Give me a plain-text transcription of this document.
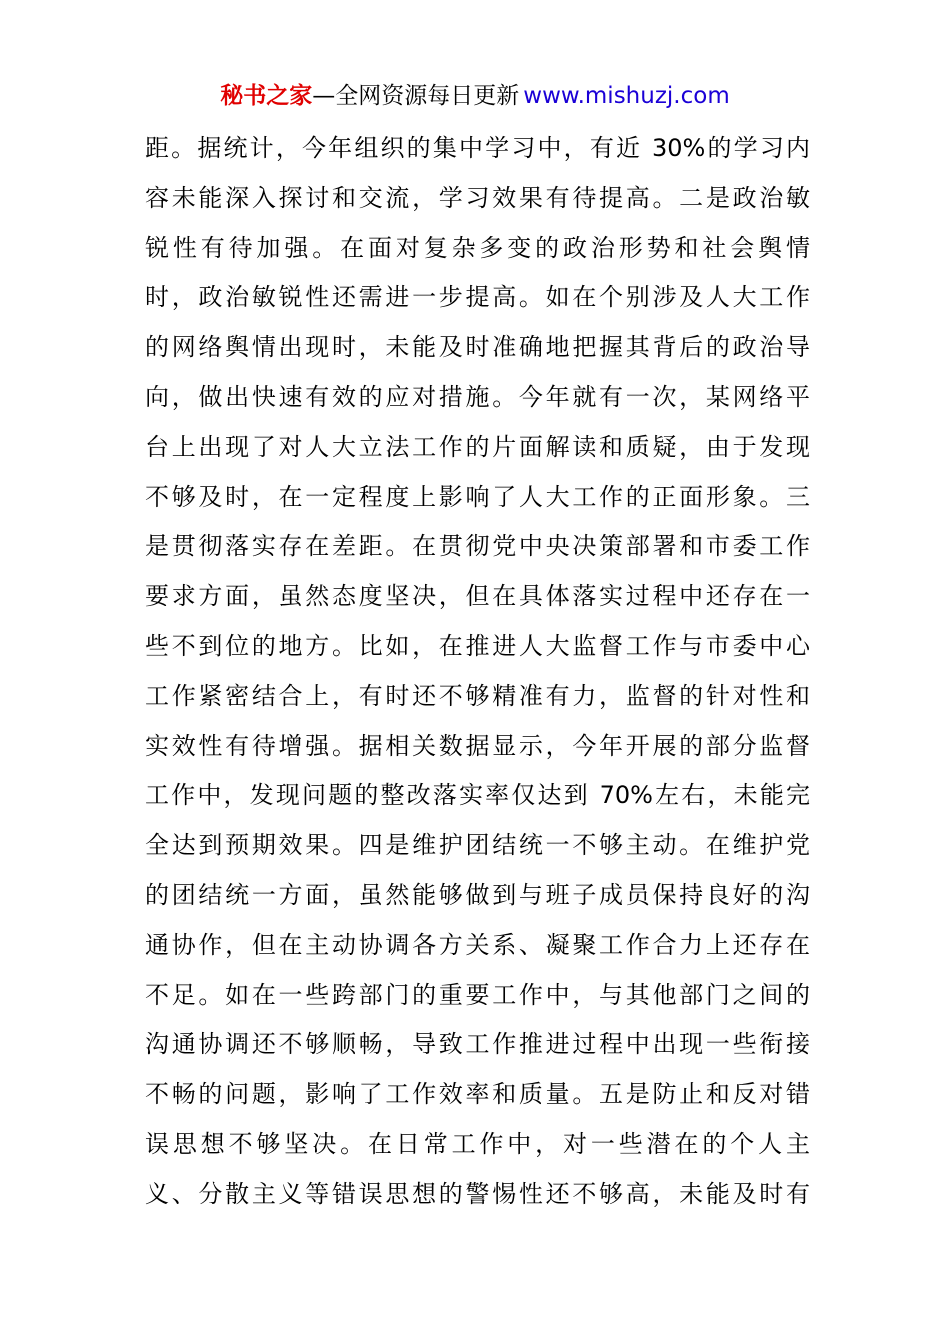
秘书之家—全网资源每日更新 www.mishuzj.com
距。据统计，今年组织的集中学习中，有近 30%的学习内
容未能深入探讨和交流，学习效果有待提高。二是政治敏
锐性有待加强。在面对复杂多变的政治形势和社会舆情
时，政治敏锐性还需进一步提高。如在个别涉及人大工作
的网络舆情出现时，未能及时准确地把握其背后的政治导
向，做出快速有效的应对措施。今年就有一次，某网络平
台上出现了对人大立法工作的片面解读和质疑，由于发现
不够及时，在一定程度上影响了人大工作的正面形象。三
是贯彻落实存在差距。在贯彻党中央决策部署和市委工作
要求方面，虽然态度坚决，但在具体落实过程中还存在一
些不到位的地方。比如，在推进人大监督工作与市委中心
工作紧密结合上，有时还不够精准有力，监督的针对性和
实效性有待增强。据相关数据显示，今年开展的部分监督
工作中，发现问题的整改落实率仅达到 70%左右，未能完
全达到预期效果。四是维护团结统一不够主动。在维护党
的团结统一方面，虽然能够做到与班子成员保持良好的沟
通协作，但在主动协调各方关系、凝聚工作合力上还存在
不足。如在一些跨部门的重要工作中，与其他部门之间的
沟通协调还不够顺畅，导致工作推进过程中出现一些衔接
不畅的问题，影响了工作效率和质量。五是防止和反对错
误思想不够坚决。在日常工作中，对一些潜在的个人主
义、分散主义等错误思想的警惕性还不够高，未能及时有
